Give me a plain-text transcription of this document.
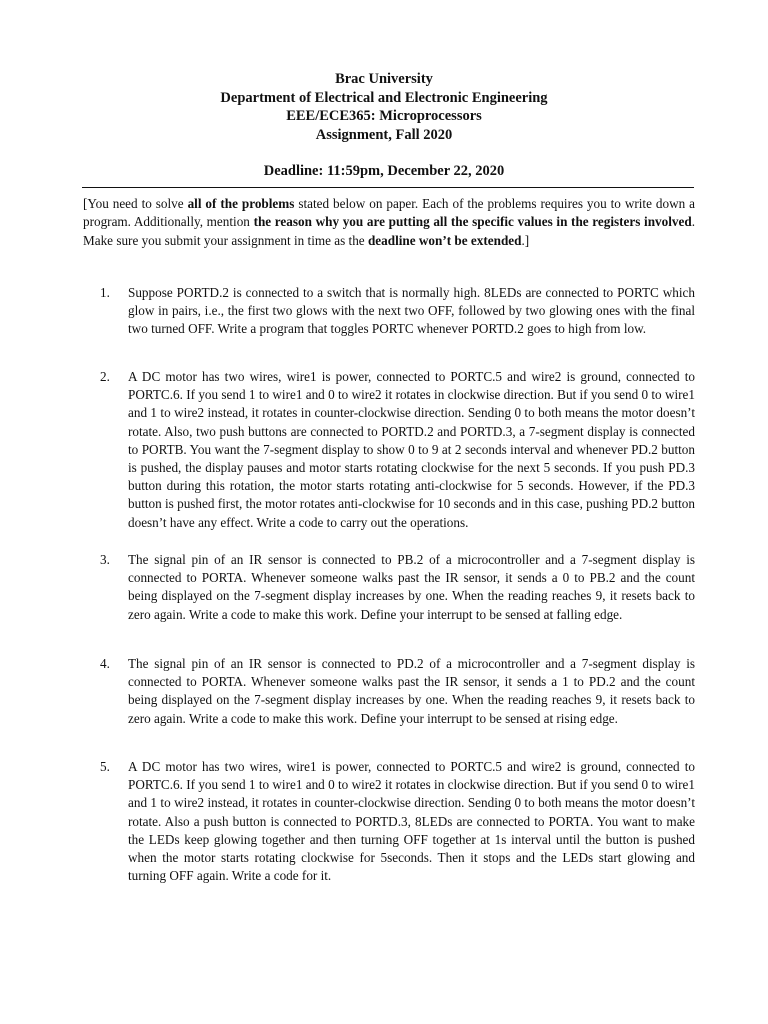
Brac University
Department of Electrical and Electronic Engineering
EEE/ECE365: Microprocessors
Assignment, Fall 2020
Deadline: 11:59pm, December 22, 2020
[You need to solve all of the problems stated below on paper. Each of the problems requires you to write down a program. Additionally, mention the reason why you are putting all the specific values in the registers involved. Make sure you submit your assignment in time as the deadline won’t be extended.]
1.	Suppose PORTD.2 is connected to a switch that is normally high. 8LEDs are connected to PORTC which glow in pairs, i.e., the first two glows with the next two OFF, followed by two glowing ones with the final two turned OFF. Write a program that toggles PORTC whenever PORTD.2 goes to high from low.
2.	A DC motor has two wires, wire1 is power, connected to PORTC.5 and wire2 is ground, connected to PORTC.6. If you send 1 to wire1 and 0 to wire2 it rotates in clockwise direction. But if you send 0 to wire1 and 1 to wire2 instead, it rotates in counter-clockwise direction. Sending 0 to both means the motor doesn’t rotate. Also, two push buttons are connected to PORTD.2 and PORTD.3, a 7-segment display is connected to PORTB. You want the 7-segment display to show 0 to 9 at 2 seconds interval and whenever PD.2 button is pushed, the display pauses and motor starts rotating clockwise for the next 5 seconds. If you push PD.3 button during this rotation, the motor starts rotating anti-clockwise for 5 seconds. However, if the PD.3 button is pushed first, the motor rotates anti-clockwise for 10 seconds and in this case, pushing PD.2 button doesn’t have any effect. Write a code to carry out the operations.
3.	The signal pin of an IR sensor is connected to PB.2 of a microcontroller and a 7-segment display is connected to PORTA. Whenever someone walks past the IR sensor, it sends a 0 to PB.2 and the count being displayed on the 7-segment display increases by one. When the reading reaches 9, it resets back to zero again. Write a code to make this work. Define your interrupt to be sensed at falling edge.
4.	The signal pin of an IR sensor is connected to PD.2 of a microcontroller and a 7-segment display is connected to PORTA. Whenever someone walks past the IR sensor, it sends a 1 to PD.2 and the count being displayed on the 7-segment display increases by one. When the reading reaches 9, it resets back to zero again. Write a code to make this work. Define your interrupt to be sensed at rising edge.
5.	A DC motor has two wires, wire1 is power, connected to PORTC.5 and wire2 is ground, connected to PORTC.6. If you send 1 to wire1 and 0 to wire2 it rotates in clockwise direction. But if you send 0 to wire1 and 1 to wire2 instead, it rotates in counter-clockwise direction. Sending 0 to both means the motor doesn’t rotate. Also a push button is connected to PORTD.3, 8LEDs are connected to PORTA. You want to make the LEDs keep glowing together and then turning OFF together at 1s interval until the button is pushed when the motor starts rotating clockwise for 5seconds. Then it stops and the LEDs start glowing and turning OFF again. Write a code for it.
